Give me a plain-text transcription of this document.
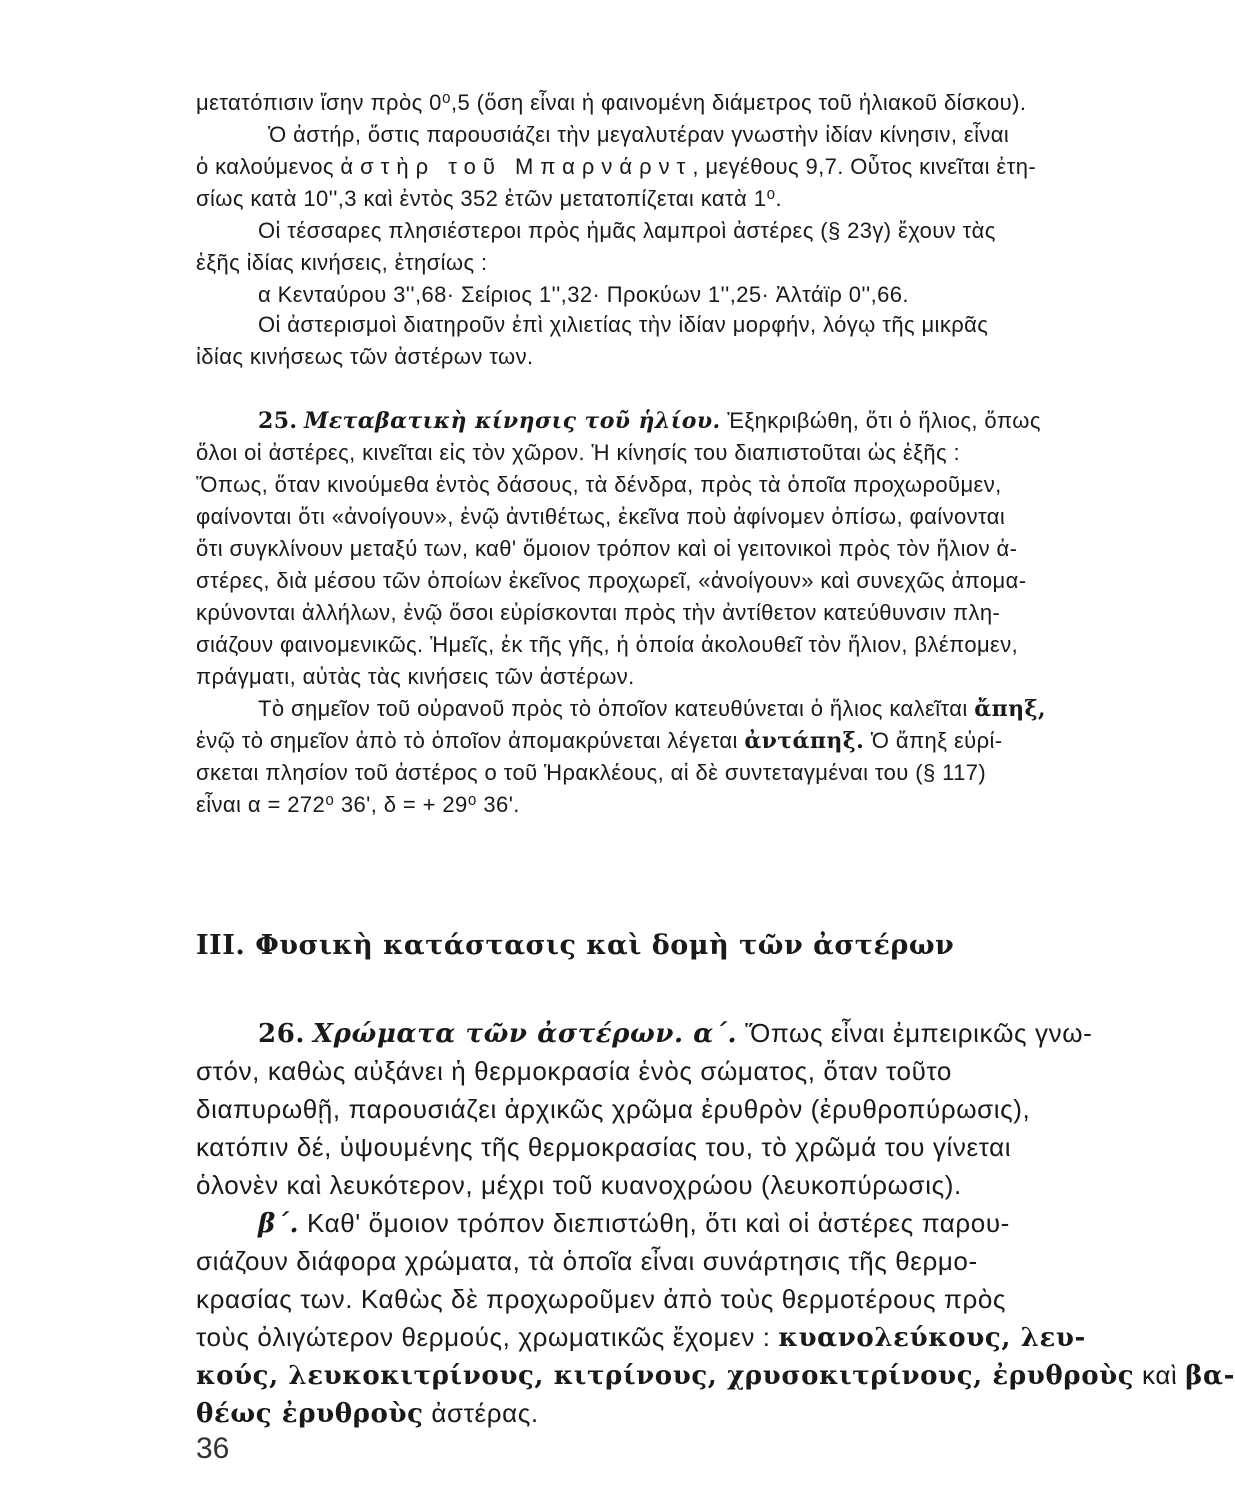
μετατόπισιν ἴσην πρὸς 0⁰,5 (ὅση εἶναι ἡ φαινομένη διάμετρος τοῦ ἡλιακοῦ δίσκου).

Ὁ ἀστήρ, ὅστις παρουσιάζει τὴν μεγαλυτέραν γνωστὴν ἰδίαν κίνησιν, εἶναι

ὁ καλούμενος ἀστὴρ τοῦ Μπαρνάρντ, μεγέθους 9,7. Οὗτος κινεῖται ἐτη-

σίως κατὰ 10'',3 καὶ ἐντὸς 352 ἐτῶν μετατοπίζεται κατὰ 1⁰.

Οἱ τέσσαρες πλησιέστεροι πρὸς ἡμᾶς λαμπροὶ ἀστέρες (§ 23γ) ἔχουν τὰς

ἑξῆς ἰδίας κινήσεις, ἐτησίως :

α Κενταύρου 3'',68· Σείριος 1'',32· Προκύων 1'',25· Ἀλτάϊρ 0'',66.

Οἱ ἀστερισμοὶ διατηροῦν ἐπὶ χιλιετίας τὴν ἰδίαν μορφήν, λόγῳ τῆς μικρᾶς

ἰδίας κινήσεως τῶν ἀστέρων των.

25. Μεταβατικὴ κίνησις τοῦ ἡλίου. Ἐξηκριβώθη, ὅτι ὁ ἥλιος, ὅπως

ὅλοι οἱ ἀστέρες, κινεῖται εἰς τὸν χῶρον. Ἡ κίνησίς του διαπιστοῦται ὡς ἑξῆς :

Ὅπως, ὅταν κινούμεθα ἐντὸς δάσους, τὰ δένδρα, πρὸς τὰ ὁποῖα προχωροῦμεν,

φαίνονται ὅτι «ἀνοίγουν», ἐνῷ ἀντιθέτως, ἐκεῖνα ποὺ ἀφίνομεν ὀπίσω, φαίνονται

ὅτι συγκλίνουν μεταξύ των, καθ' ὅμοιον τρόπον καὶ οἱ γειτονικοὶ πρὸς τὸν ἥλιον ἀ-

στέρες, διὰ μέσου τῶν ὁποίων ἐκεῖνος προχωρεῖ, «ἀνοίγουν» καὶ συνεχῶς ἀπομα-

κρύνονται ἀλλήλων, ἐνῷ ὅσοι εὑρίσκονται πρὸς τὴν ἀντίθετον κατεύθυνσιν πλη-

σιάζουν φαινομενικῶς. Ἡμεῖς, ἐκ τῆς γῆς, ἡ ὁποία ἀκολουθεῖ τὸν ἥλιον, βλέπομεν,

πράγματι, αὐτὰς τὰς κινήσεις τῶν ἀστέρων.

Τὸ σημεῖον τοῦ οὐρανοῦ πρὸς τὸ ὁποῖον κατευθύνεται ὁ ἥλιος καλεῖται ἄπηξ,

ἐνῷ τὸ σημεῖον ἀπὸ τὸ ὁποῖον ἀπομακρύνεται λέγεται ἀντάπηξ. Ὁ ἄπηξ εὑρί-

σκεται πλησίον τοῦ ἀστέρος ο τοῦ Ἡρακλέους, αἱ δὲ συντεταγμέναι του (§ 117)

εἶναι α = 272⁰ 36', δ = + 29⁰ 36'.

III. Φυσικὴ κατάστασις καὶ δομὴ τῶν ἀστέρων

26. Χρώματα τῶν ἀστέρων. α΄. Ὅπως εἶναι ἐμπειρικῶς γνω-

στόν, καθὼς αὐξάνει ἡ θερμοκρασία ἑνὸς σώματος, ὅταν τοῦτο

διαπυρωθῇ, παρουσιάζει ἀρχικῶς χρῶμα ἐρυθρὸν (ἐρυθροπύρωσις),

κατόπιν δέ, ὑψουμένης τῆς θερμοκρασίας του, τὸ χρῶμά του γίνεται

ὁλονὲν καὶ λευκότερον, μέχρι τοῦ κυανοχρώου (λευκοπύρωσις).

β΄. Καθ' ὅμοιον τρόπον διεπιστώθη, ὅτι καὶ οἱ ἀστέρες παρου-

σιάζουν διάφορα χρώματα, τὰ ὁποῖα εἶναι συνάρτησις τῆς θερμο-

κρασίας των. Καθὼς δὲ προχωροῦμεν ἀπὸ τοὺς θερμοτέρους πρὸς

τοὺς ὀλιγώτερον θερμούς, χρωματικῶς ἔχομεν : κυανολεύκους, λευ-

κούς, λευκοκιτρίνους, κιτρίνους, χρυσοκιτρίνους, ἐρυθροὺς καὶ βα-

θέως ἐρυθροὺς ἀστέρας.

36
